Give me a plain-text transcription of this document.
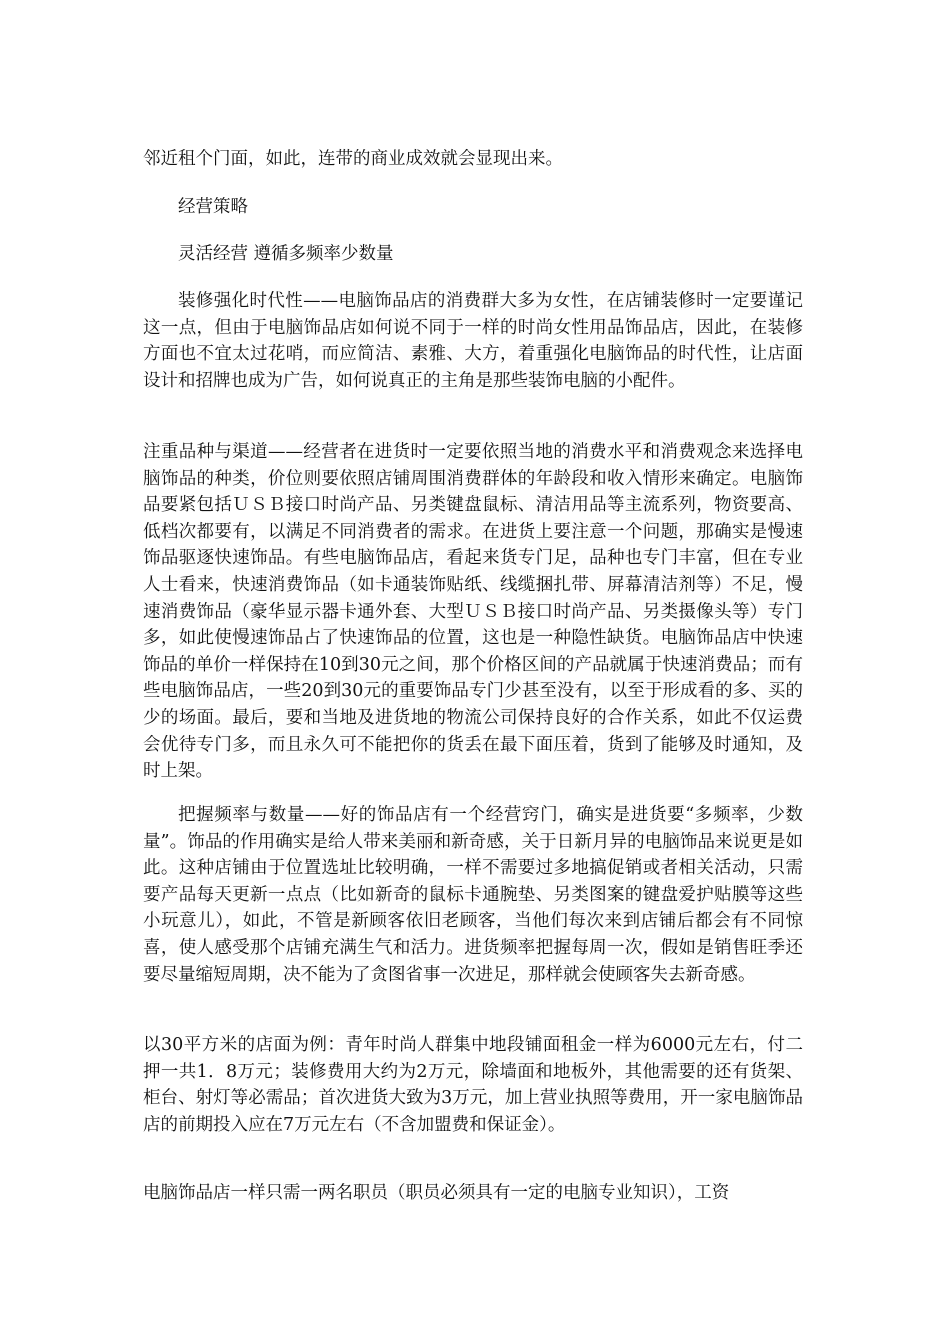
邻近租个门面，如此，连带的商业成效就会显现出来。

经营策略

灵活经营 遵循多频率少数量

装修强化时代性——电脑饰品店的消费群大多为女性，在店铺装修时一定要谨记这一点，但由于电脑饰品店如何说不同于一样的时尚女性用品饰品店，因此，在装修方面也不宜太过花哨，而应简洁、素雅、大方，着重强化电脑饰品的时代性，让店面设计和招牌也成为广告，如何说真正的主角是那些装饰电脑的小配件。

注重品种与渠道——经营者在进货时一定要依照当地的消费水平和消费观念来选择电脑饰品的种类，价位则要依照店铺周围消费群体的年龄段和收入情形来确定。电脑饰品要紧包括ＵＳＢ接口时尚产品、另类键盘鼠标、清洁用品等主流系列，物资要高、低档次都要有，以满足不同消费者的需求。在进货上要注意一个问题，那确实是慢速饰品驱逐快速饰品。有些电脑饰品店，看起来货专门足，品种也专门丰富，但在专业人士看来，快速消费饰品（如卡通装饰贴纸、线缆捆扎带、屏幕清洁剂等）不足，慢速消费饰品（豪华显示器卡通外套、大型ＵＳＢ接口时尚产品、另类摄像头等）专门多，如此使慢速饰品占了快速饰品的位置，这也是一种隐性缺货。电脑饰品店中快速饰品的单价一样保持在10到30元之间，那个价格区间的产品就属于快速消费品；而有些电脑饰品店，一些20到30元的重要饰品专门少甚至没有，以至于形成看的多、买的少的场面。最后，要和当地及进货地的物流公司保持良好的合作关系，如此不仅运费会优待专门多，而且永久可不能把你的货丢在最下面压着，货到了能够及时通知，及时上架。

把握频率与数量——好的饰品店有一个经营窍门，确实是进货要“多频率，少数量”。饰品的作用确实是给人带来美丽和新奇感，关于日新月异的电脑饰品来说更是如此。这种店铺由于位置选址比较明确，一样不需要过多地搞促销或者相关活动，只需要产品每天更新一点点（比如新奇的鼠标卡通腕垫、另类图案的键盘爱护贴膜等这些小玩意儿），如此，不管是新顾客依旧老顾客，当他们每次来到店铺后都会有不同惊喜，使人感受那个店铺充满生气和活力。进货频率把握每周一次，假如是销售旺季还要尽量缩短周期，决不能为了贪图省事一次进足，那样就会使顾客失去新奇感。

以30平方米的店面为例：青年时尚人群集中地段铺面租金一样为6000元左右，付二押一共1．8万元；装修费用大约为2万元，除墙面和地板外，其他需要的还有货架、柜台、射灯等必需品；首次进货大致为3万元，加上营业执照等费用，开一家电脑饰品店的前期投入应在7万元左右（不含加盟费和保证金）。

电脑饰品店一样只需一两名职员（职员必须具有一定的电脑专业知识），工资
